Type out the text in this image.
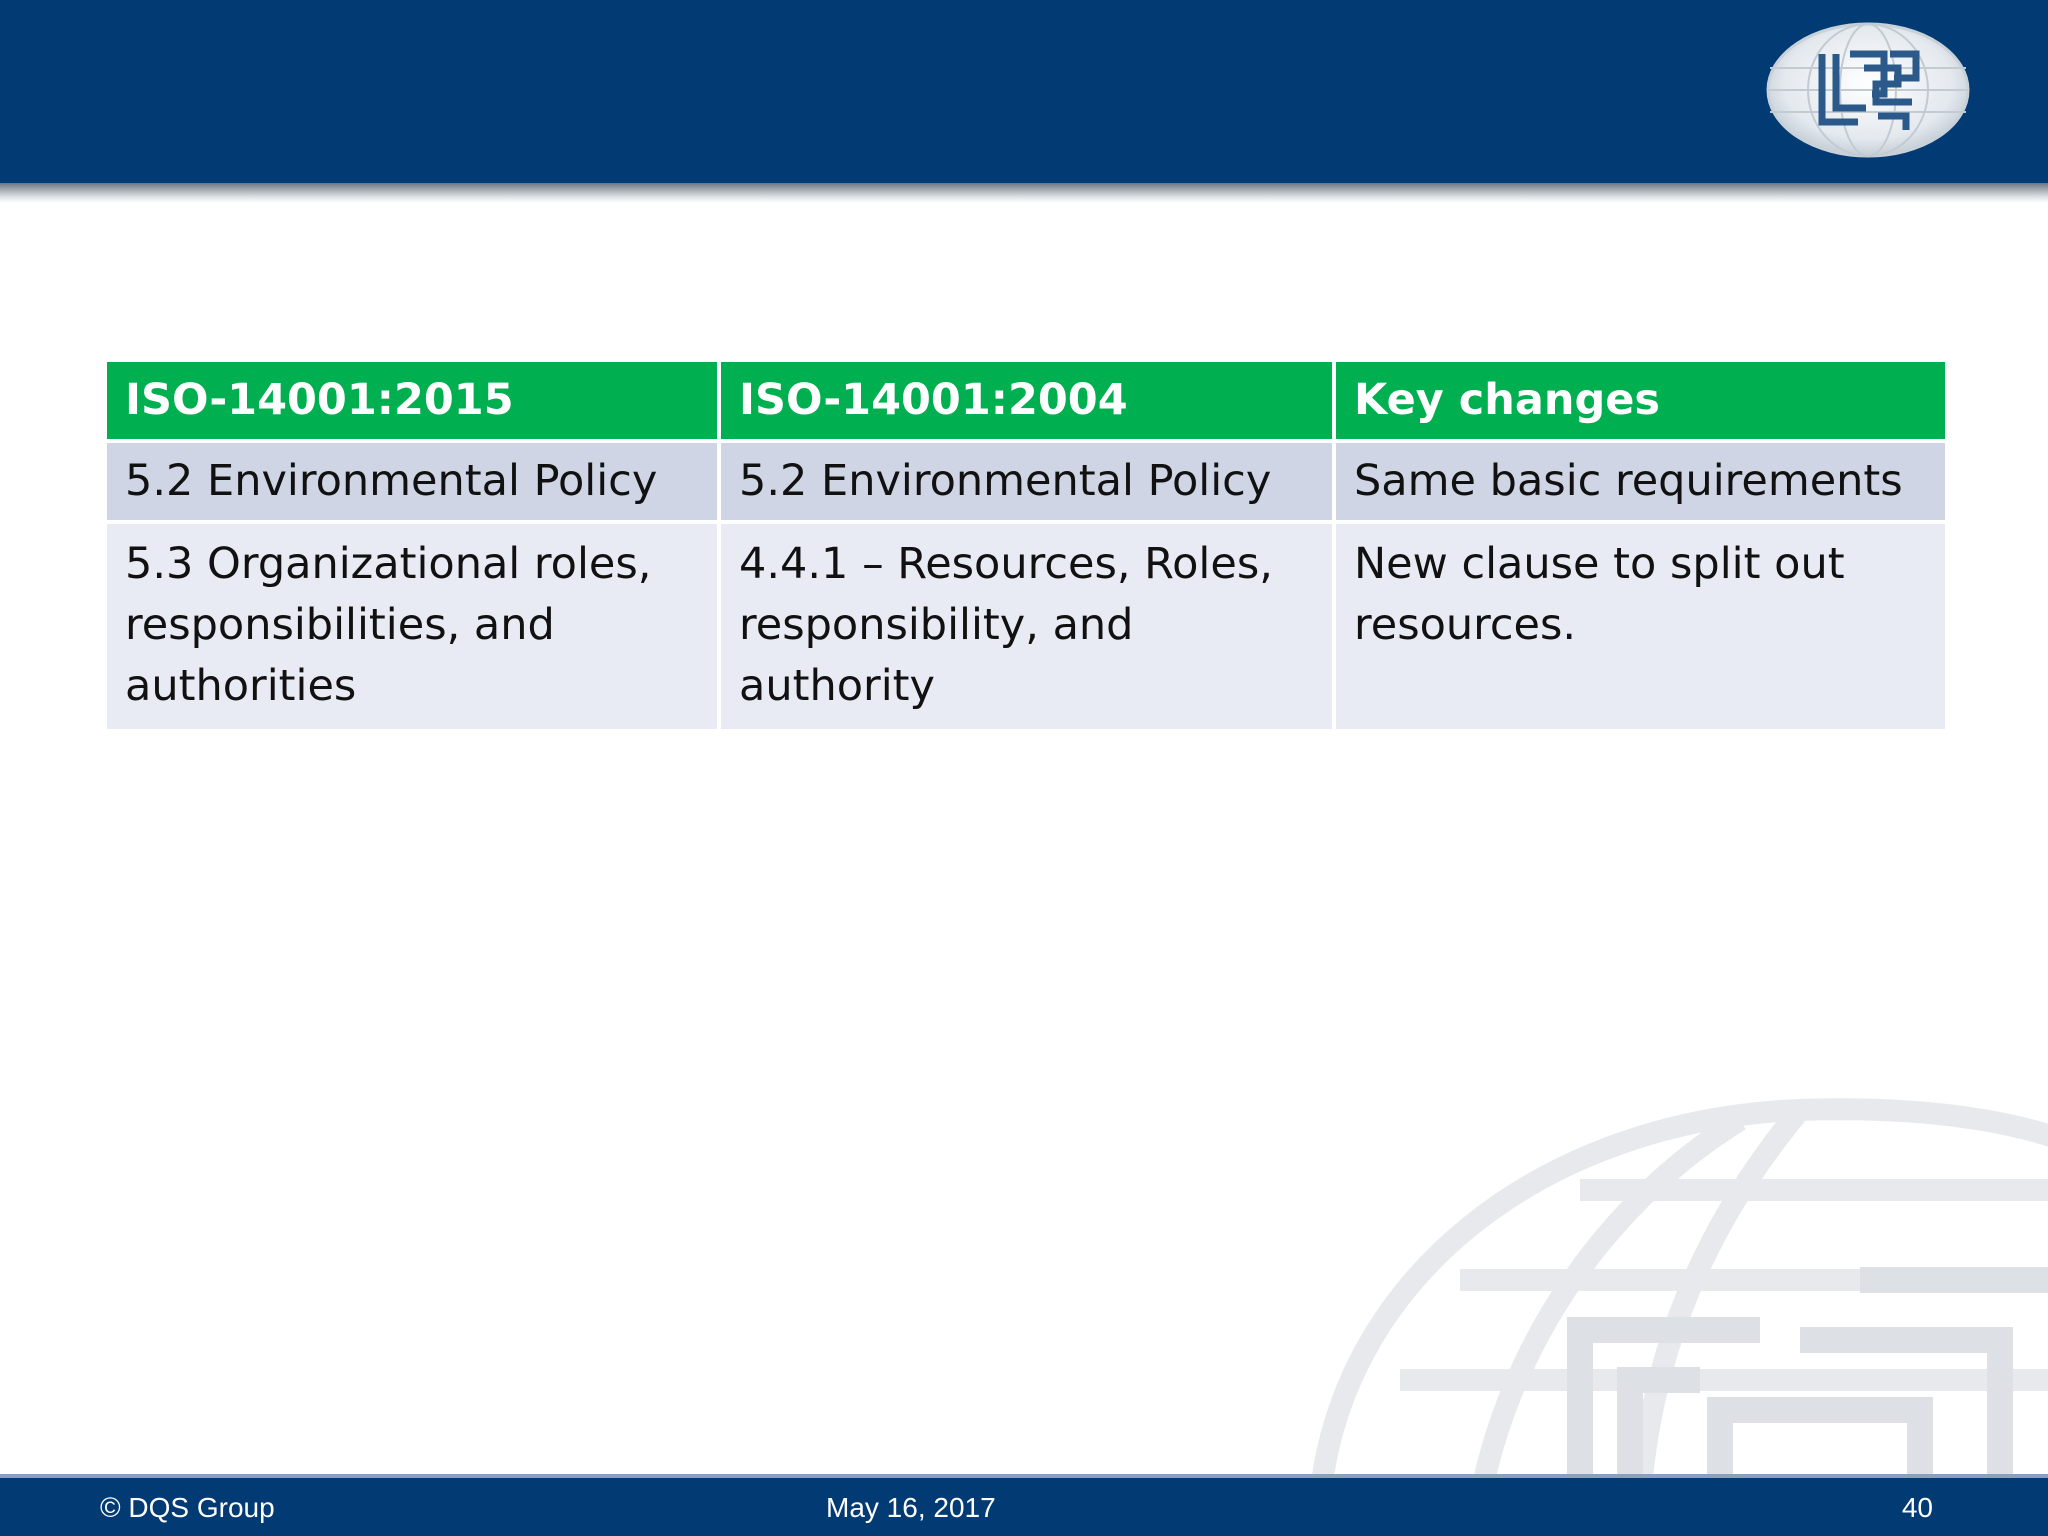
ISO-14001:2015	ISO-14001:2004	Key changes
5.2 Environmental Policy	5.2 Environmental Policy	Same basic requirements
5.3 Organizational roles, responsibilities, and authorities	4.4.1 – Resources, Roles, responsibility, and authority	New clause to split out resources.
© DQS Group	May 16, 2017	40
